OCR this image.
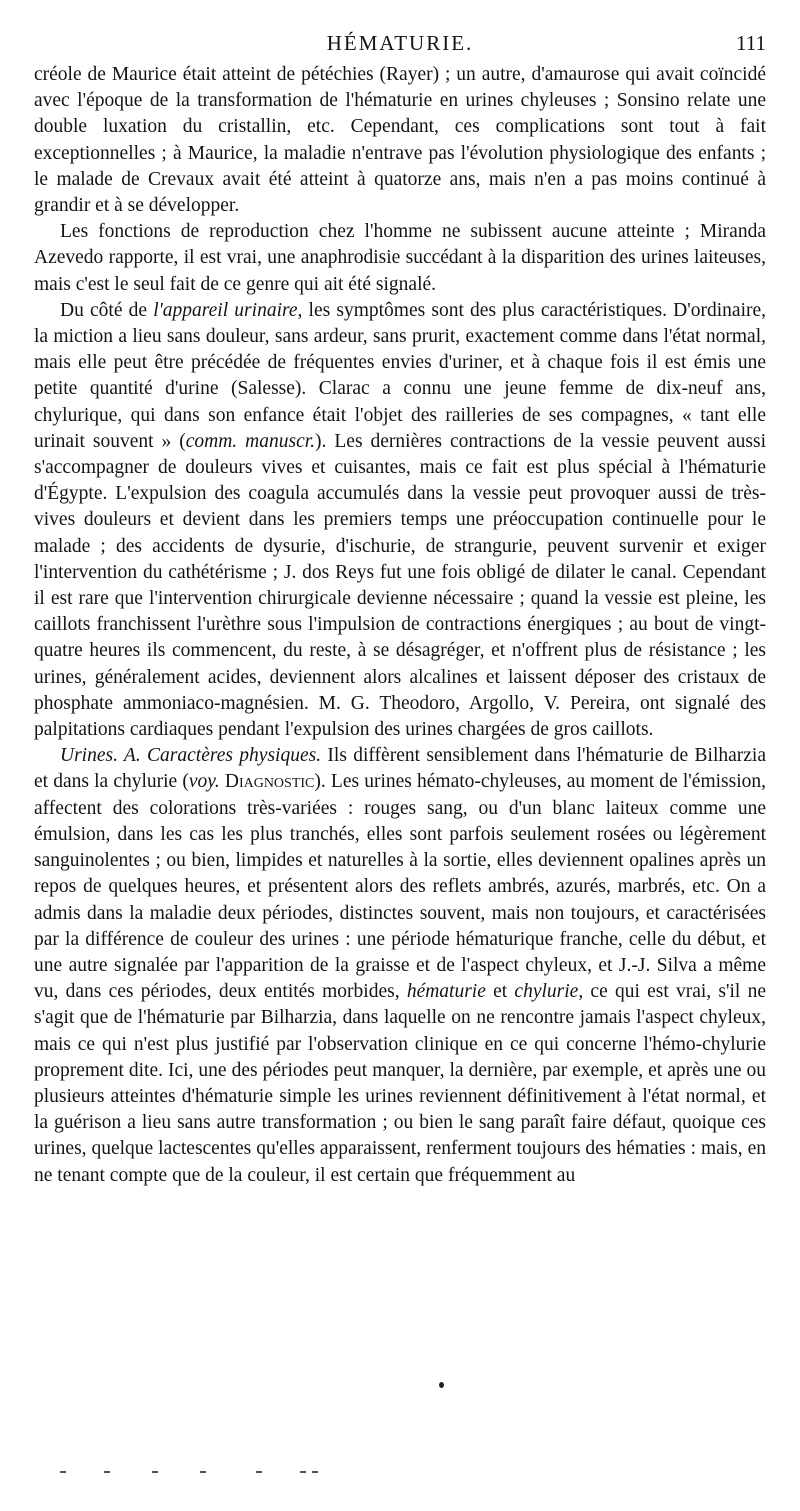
HÉMATURIE.	111

créole de Maurice était atteint de pétéchies (Rayer) ; un autre, d'amaurose qui avait coïncidé avec l'époque de la transformation de l'hématurie en urines chyleuses ; Sonsino relate une double luxation du cristallin, etc. Cependant, ces complications sont tout à fait exceptionnelles ; à Maurice, la maladie n'entrave pas l'évolution physiologique des enfants ; le malade de Crevaux avait été atteint à quatorze ans, mais n'en a pas moins continué à grandir et à se développer.

Les fonctions de reproduction chez l'homme ne subissent aucune atteinte ; Miranda Azevedo rapporte, il est vrai, une anaphrodisie succédant à la disparition des urines laiteuses, mais c'est le seul fait de ce genre qui ait été signalé.

Du côté de l'appareil urinaire, les symptômes sont des plus caractéristiques. D'ordinaire, la miction a lieu sans douleur, sans ardeur, sans prurit, exactement comme dans l'état normal, mais elle peut être précédée de fréquentes envies d'uriner, et à chaque fois il est émis une petite quantité d'urine (Salesse). Clarac a connu une jeune femme de dix-neuf ans, chylurique, qui dans son enfance était l'objet des railleries de ses compagnes, « tant elle urinait souvent » (comm. manuscr.). Les dernières contractions de la vessie peuvent aussi s'accompagner de douleurs vives et cuisantes, mais ce fait est plus spécial à l'hématurie d'Égypte. L'expulsion des coagula accumulés dans la vessie peut provoquer aussi de très-vives douleurs et devient dans les premiers temps une préoccupation continuelle pour le malade ; des accidents de dysurie, d'ischurie, de strangurie, peuvent survenir et exiger l'intervention du cathétérisme ; J. dos Reys fut une fois obligé de dilater le canal. Cependant il est rare que l'intervention chirurgicale devienne nécessaire ; quand la vessie est pleine, les caillots franchissent l'urèthre sous l'impulsion de contractions énergiques ; au bout de vingt-quatre heures ils commencent, du reste, à se désagréger, et n'offrent plus de résistance ; les urines, généralement acides, deviennent alors alcalines et laissent déposer des cristaux de phosphate ammoniaco-magnésien. M. G. Theodoro, Argollo, V. Pereira, ont signalé des palpitations cardiaques pendant l'expulsion des urines chargées de gros caillots.

Urines. A. Caractères physiques. Ils diffèrent sensiblement dans l'hématurie de Bilharzia et dans la chylurie (voy. Diagnostic). Les urines hémato-chyleuses, au moment de l'émission, affectent des colorations très-variées : rouges sang, ou d'un blanc laiteux comme une émulsion, dans les cas les plus tranchés, elles sont parfois seulement rosées ou légèrement sanguinolentes ; ou bien, limpides et naturelles à la sortie, elles deviennent opalines après un repos de quelques heures, et présentent alors des reflets ambrés, azurés, marbrés, etc. On a admis dans la maladie deux périodes, distinctes souvent, mais non toujours, et caractérisées par la différence de couleur des urines : une période hématurique franche, celle du début, et une autre signalée par l'apparition de la graisse et de l'aspect chyleux, et J.-J. Silva a même vu, dans ces périodes, deux entités morbides, hématurie et chylurie, ce qui est vrai, s'il ne s'agit que de l'hématurie par Bilharzia, dans laquelle on ne rencontre jamais l'aspect chyleux, mais ce qui n'est plus justifié par l'observation clinique en ce qui concerne l'hémo-chylurie proprement dite. Ici, une des périodes peut manquer, la dernière, par exemple, et après une ou plusieurs atteintes d'hématurie simple les urines reviennent définitivement à l'état normal, et la guérison a lieu sans autre transformation ; ou bien le sang paraît faire défaut, quoique ces urines, quelque lactescentes qu'elles apparaissent, renferment toujours des hématies : mais, en ne tenant compte que de la couleur, il est certain que fréquemment au
